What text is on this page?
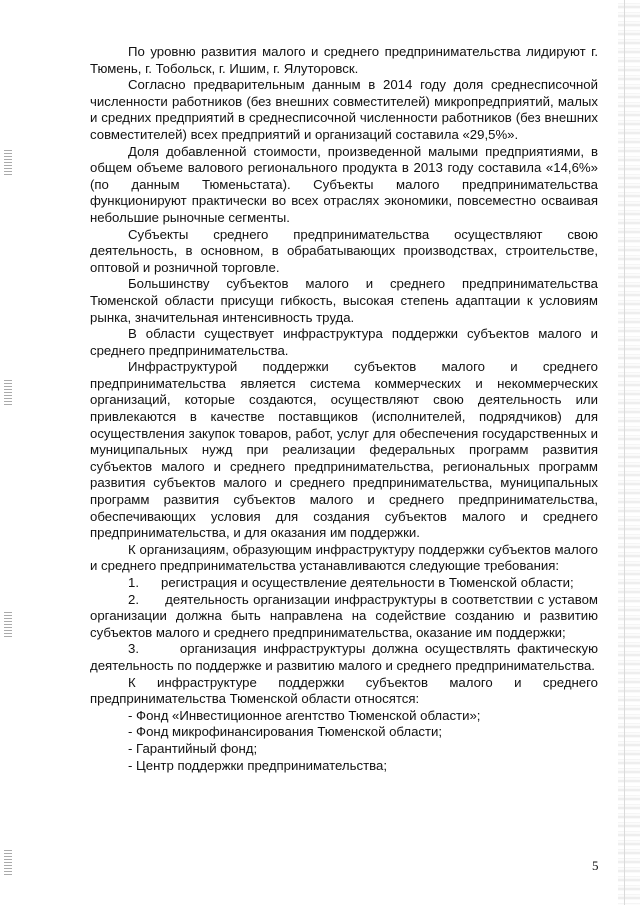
По уровню развития малого и среднего предпринимательства лидируют г. Тюмень, г. Тобольск, г. Ишим, г. Ялуторовск.

Согласно предварительным данным в 2014 году доля среднесписочной численности работников (без внешних совместителей) микропредприятий, малых и средних предприятий в среднесписочной численности работников (без внешних совместителей) всех предприятий и организаций составила «29,5%».

Доля добавленной стоимости, произведенной малыми предприятиями, в общем объеме валового регионального продукта в 2013 году составила «14,6%» (по данным Тюменьстата). Субъекты малого предпринимательства функционируют практически во всех отраслях экономики, повсеместно осваивая небольшие рыночные сегменты.

Субъекты среднего предпринимательства осуществляют свою деятельность, в основном, в обрабатывающих производствах, строительстве, оптовой и розничной торговле.

Большинству субъектов малого и среднего предпринимательства Тюменской области присущи гибкость, высокая степень адаптации к условиям рынка, значительная интенсивность труда.

В области существует инфраструктура поддержки субъектов малого и среднего предпринимательства.

Инфраструктурой поддержки субъектов малого и среднего предпринимательства является система коммерческих и некоммерческих организаций, которые создаются, осуществляют свою деятельность или привлекаются в качестве поставщиков (исполнителей, подрядчиков) для осуществления закупок товаров, работ, услуг для обеспечения государственных и муниципальных нужд при реализации федеральных программ развития субъектов малого и среднего предпринимательства, региональных программ развития субъектов малого и среднего предпринимательства, муниципальных программ развития субъектов малого и среднего предпринимательства, обеспечивающих условия для создания субъектов малого и среднего предпринимательства, и для оказания им поддержки.

К организациям, образующим инфраструктуру поддержки субъектов малого и среднего предпринимательства устанавливаются следующие требования:

1.      регистрация и осуществление деятельности в Тюменской области;

2.      деятельность организации инфраструктуры в соответствии с уставом организации должна быть направлена на содействие созданию и развитию субъектов малого и среднего предпринимательства, оказание им поддержки;

3.      организация инфраструктуры должна осуществлять фактическую деятельность по поддержке и развитию малого и среднего предпринимательства.

К инфраструктуре поддержки субъектов малого и среднего предпринимательства Тюменской области относятся:

- Фонд «Инвестиционное агентство Тюменской области»;

- Фонд микрофинансирования Тюменской области;

- Гарантийный фонд;

- Центр поддержки предпринимательства;

5
